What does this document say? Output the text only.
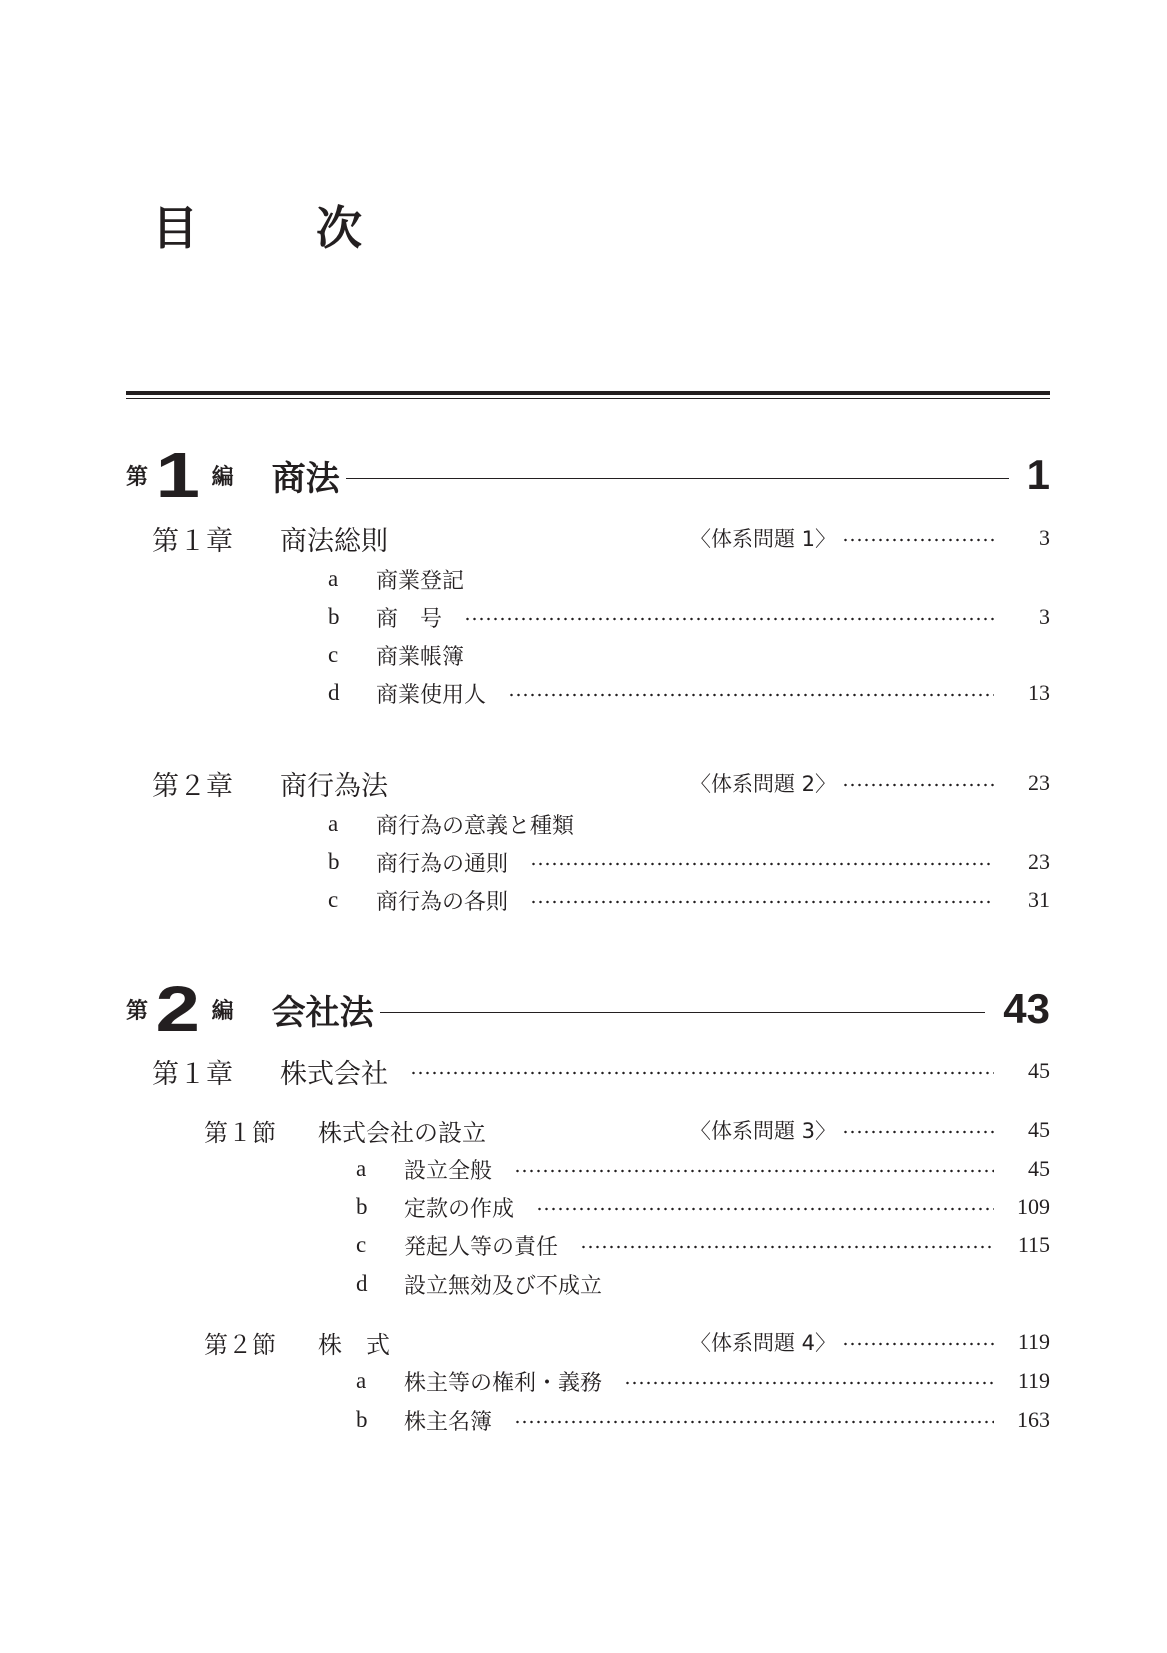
目　次
第 1 編 商法	1
第１章	商法総則	〈体系問題 1〉	3
a	商業登記
b	商　号	3
c	商業帳簿
d	商業使用人	13
第２章	商行為法	〈体系問題 2〉	23
a	商行為の意義と種類
b	商行為の通則	23
c	商行為の各則	31
第 2 編 会社法	43
第１章	株式会社	45
第１節	株式会社の設立	〈体系問題 3〉	45
a	設立全般	45
b	定款の作成	109
c	発起人等の責任	115
d	設立無効及び不成立
第２節	株　式	〈体系問題 4〉	119
a	株主等の権利・義務	119
b	株主名簿	163
